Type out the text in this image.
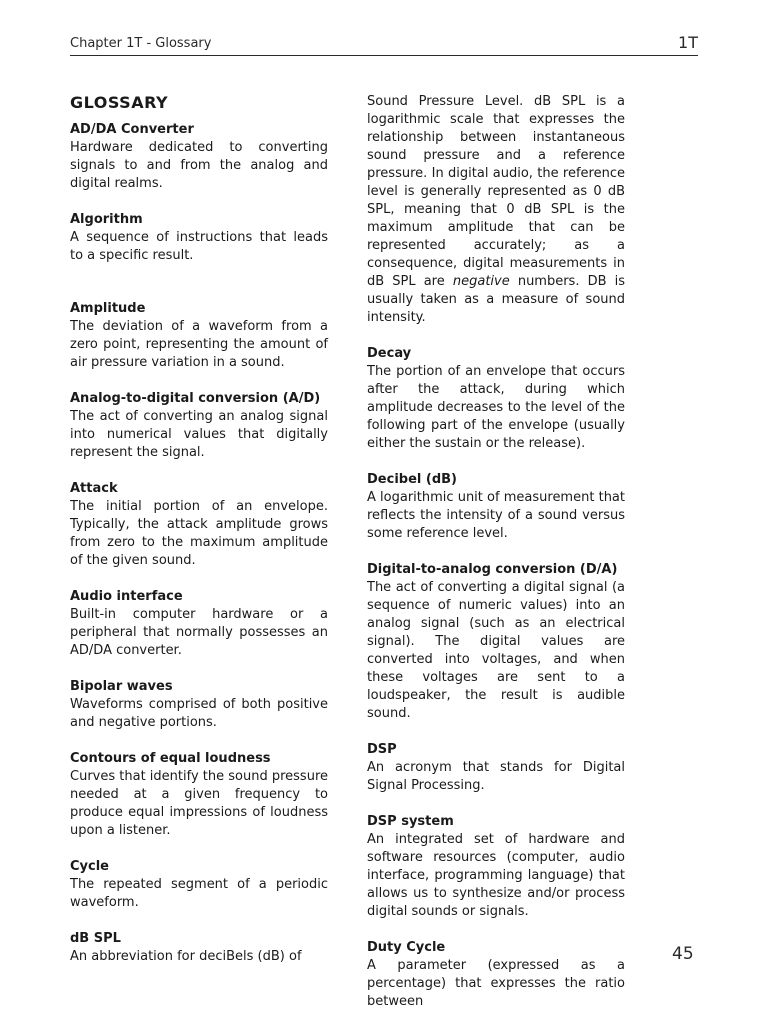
Chapter 1T - Glossary	1T
GLOSSARY
AD/DA Converter
Hardware dedicated to converting signals to and from the analog and digital realms.
Algorithm
A sequence of instructions that leads to a specific result.
Amplitude
The deviation of a waveform from a zero point, representing the amount of air pressure variation in a sound.
Analog-to-digital conversion (A/D)
The act of converting an analog signal into numerical values that digitally represent the signal.
Attack
The initial portion of an envelope. Typically, the attack amplitude grows from zero to the maximum amplitude of the given sound.
Audio interface
Built-in computer hardware or a peripheral that normally possesses an AD/DA converter.
Bipolar waves
Waveforms comprised of both positive and negative portions.
Contours of equal loudness
Curves that identify the sound pressure needed at a given frequency to produce equal impressions of loudness upon a listener.
Cycle
The repeated segment of a periodic waveform.
dB SPL
An abbreviation for deciBels (dB) of
Sound Pressure Level. dB SPL is a logarithmic scale that expresses the relationship between instantaneous sound pressure and a reference pressure. In digital audio, the reference level is generally represented as 0 dB SPL, meaning that 0 dB SPL is the maximum amplitude that can be represented accurately; as a consequence, digital measurements in dB SPL are negative numbers. DB is usually taken as a measure of sound intensity.
Decay
The portion of an envelope that occurs after the attack, during which amplitude decreases to the level of the following part of the envelope (usually either the sustain or the release).
Decibel (dB)
A logarithmic unit of measurement that reflects the intensity of a sound versus some reference level.
Digital-to-analog conversion (D/A)
The act of converting a digital signal (a sequence of numeric values) into an analog signal (such as an electrical signal). The digital values are converted into voltages, and when these voltages are sent to a loudspeaker, the result is audible sound.
DSP
An acronym that stands for Digital Signal Processing.
DSP system
An integrated set of hardware and software resources (computer, audio interface, programming language) that allows us to synthesize and/or process digital sounds or signals.
Duty Cycle
A parameter (expressed as a percentage) that expresses the ratio between
45
